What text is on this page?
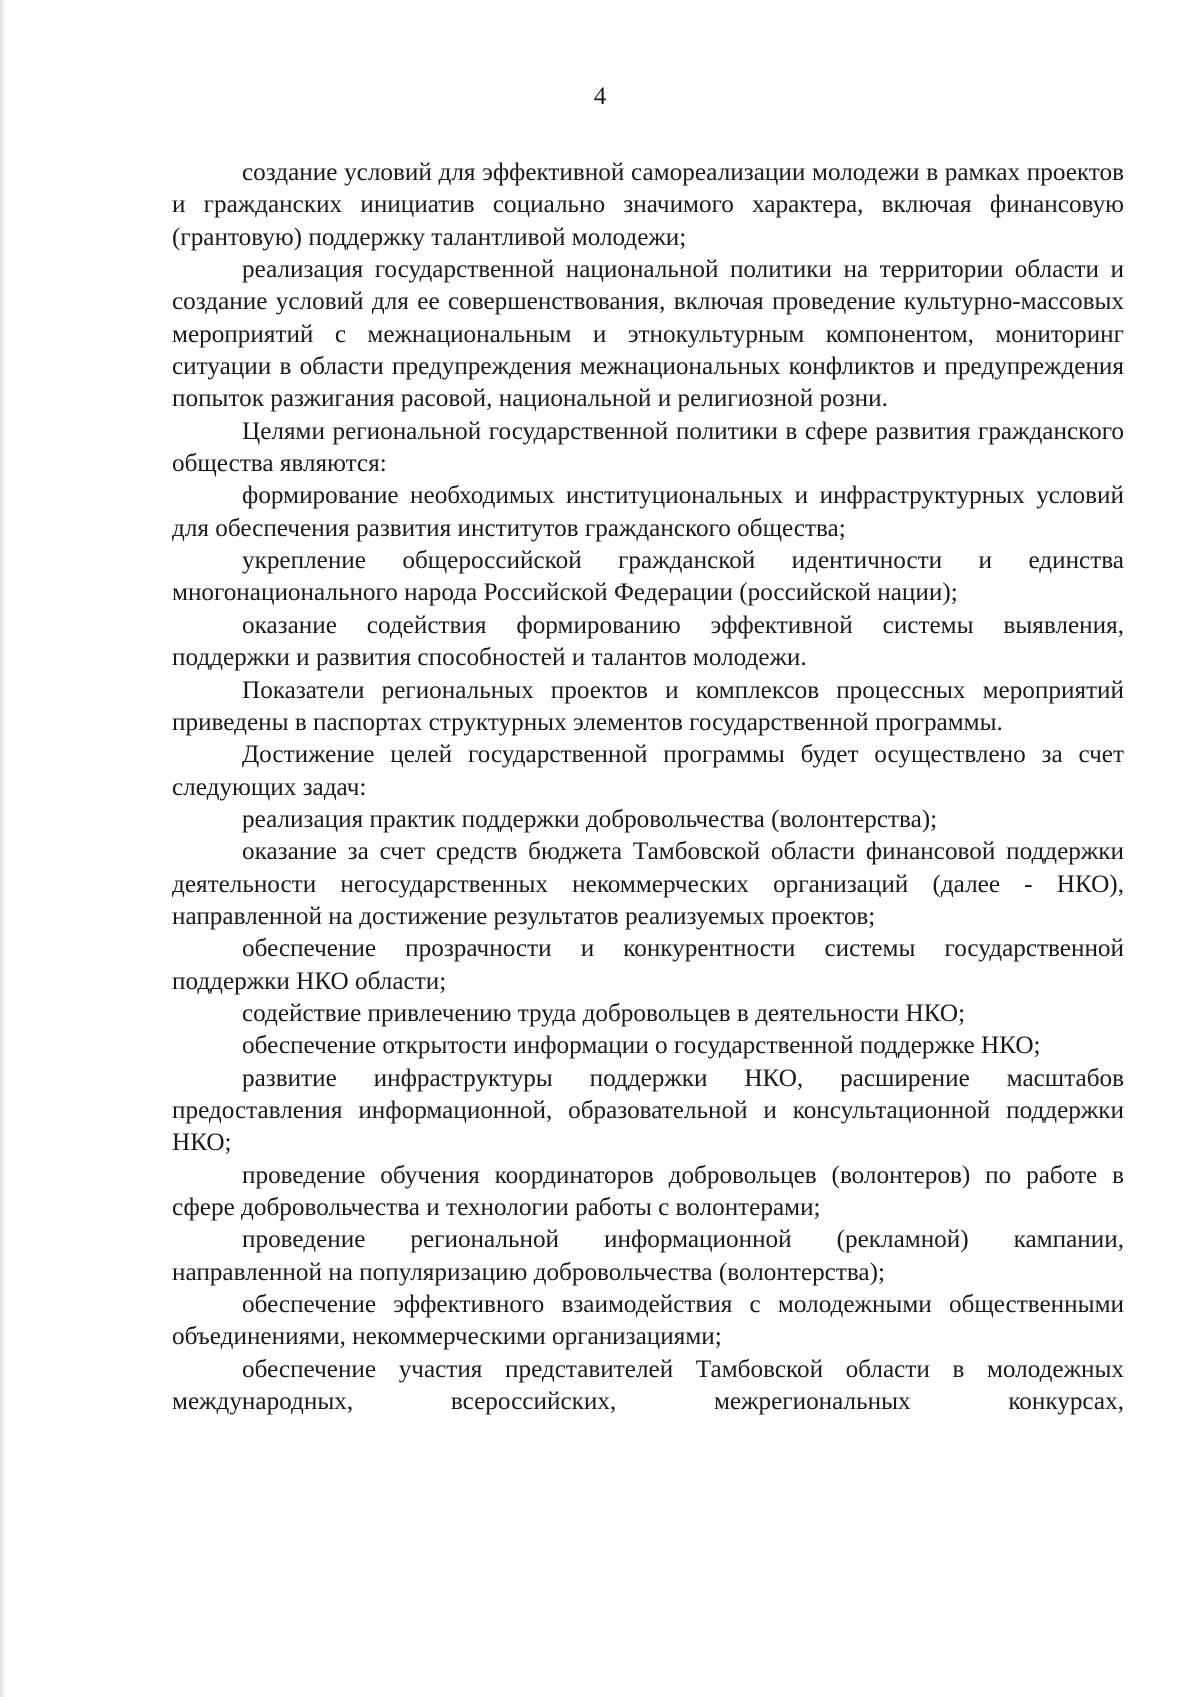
4

создание условий для эффективной самореализации молодежи в рамках проектов и гражданских инициатив социально значимого характера, включая финансовую (грантовую) поддержку талантливой молодежи;

реализация государственной национальной политики на территории области и создание условий для ее совершенствования, включая проведение культурно-массовых мероприятий с межнациональным и этнокультурным компонентом, мониторинг ситуации в области предупреждения межнациональных конфликтов и предупреждения попыток разжигания расовой, национальной и религиозной розни.

Целями региональной государственной политики в сфере развития гражданского общества являются:

формирование необходимых институциональных и инфраструктурных условий для обеспечения развития институтов гражданского общества;

укрепление общероссийской гражданской идентичности и единства многонационального народа Российской Федерации (российской нации);

оказание содействия формированию эффективной системы выявления, поддержки и развития способностей и талантов молодежи.

Показатели региональных проектов и комплексов процессных мероприятий приведены в паспортах структурных элементов государственной программы.

Достижение целей государственной программы будет осуществлено за счет следующих задач:

реализация практик поддержки добровольчества (волонтерства);

оказание за счет средств бюджета Тамбовской области финансовой поддержки деятельности негосударственных некоммерческих организаций (далее - НКО), направленной на достижение результатов реализуемых проектов;

обеспечение прозрачности и конкурентности системы государственной поддержки НКО области;

содействие привлечению труда добровольцев в деятельности НКО;

обеспечение открытости информации о государственной поддержке НКО;

развитие инфраструктуры поддержки НКО, расширение масштабов предоставления информационной, образовательной и консультационной поддержки НКО;

проведение обучения координаторов добровольцев (волонтеров) по работе в сфере добровольчества и технологии работы с волонтерами;

проведение региональной информационной (рекламной) кампании, направленной на популяризацию добровольчества (волонтерства);

обеспечение эффективного взаимодействия с молодежными общественными объединениями, некоммерческими организациями;

обеспечение участия представителей Тамбовской области в молодежных международных, всероссийских, межрегиональных конкурсах,
